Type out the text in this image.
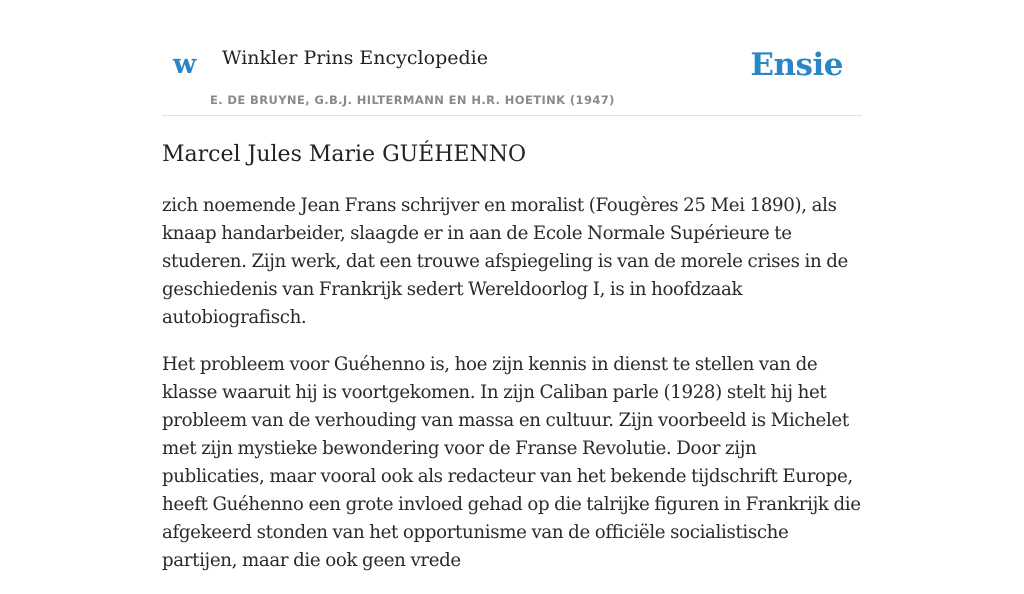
w Winkler Prins Encyclopedie
E. DE BRUYNE, G.B.J. HILTERMANN EN H.R. HOETINK (1947)
Ensie
Marcel Jules Marie GUÉHENNO

zich noemende Jean Frans schrijver en moralist (Fougères 25 Mei 1890), als knaap handarbeider, slaagde er in aan de Ecole Normale Supérieure te studeren. Zijn werk, dat een trouwe afspiegeling is van de morele crises in de geschiedenis van Frankrijk sedert Wereldoorlog I, is in hoofdzaak autobiografisch.

Het probleem voor Guéhenno is, hoe zijn kennis in dienst te stellen van de klasse waaruit hij is voortgekomen. In zijn Caliban parle (1928) stelt hij het probleem van de verhouding van massa en cultuur. Zijn voorbeeld is Michelet met zijn mystieke bewondering voor de Franse Revolutie. Door zijn publicaties, maar vooral ook als redacteur van het bekende tijdschrift Europe, heeft Guéhenno een grote invloed gehad op die talrijke figuren in Frankrijk die afgekeerd stonden van het opportunisme van de officiële socialistische partijen, maar die ook geen vrede
